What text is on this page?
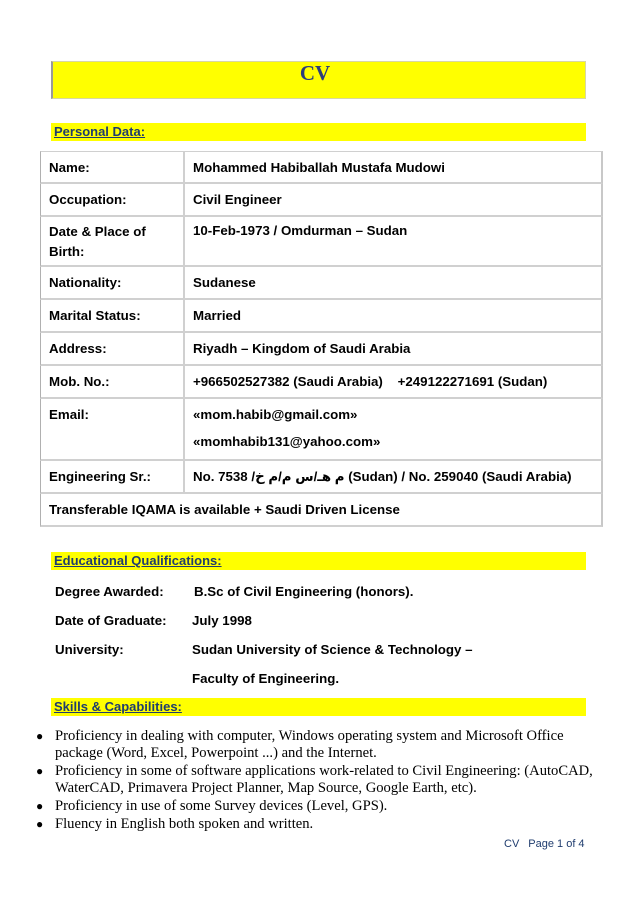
CV
Personal Data:
Name:	Mohammed Habiballah Mustafa Mudowi
Occupation:	Civil Engineer
Date & Place of Birth:	10-Feb-1973 / Omdurman – Sudan
Nationality:	Sudanese
Marital Status:	Married
Address:	Riyadh – Kingdom of Saudi Arabia
Mob. No.:	+966502527382 (Saudi Arabia)    +249122271691 (Sudan)
Email:	«mom.habib@gmail.com»
«momhabib131@yahoo.com»

Engineering Sr.:	No. 7538 /م هـ/س م/م خ (Sudan) / No. 259040 (Saudi Arabia)
Transferable IQAMA is available + Saudi Driven License	
Educational Qualifications:
Degree Awarded: B.Sc of Civil Engineering (honors).
Date of Graduate: July 1998
University:	Sudan University of Science & Technology –
Faculty of Engineering.
Skills & Capabilities:
● Proficiency in dealing with computer, Windows operating system and Microsoft Office package (Word, Excel, Powerpoint ...) and the Internet.
● Proficiency in some of software applications work-related to Civil Engineering: (AutoCAD, WaterCAD, Primavera Project Planner, Map Source, Google Earth, etc).
● Proficiency in use of some Survey devices (Level, GPS).
● Fluency in English both spoken and written.
CV Page 1 of 4
